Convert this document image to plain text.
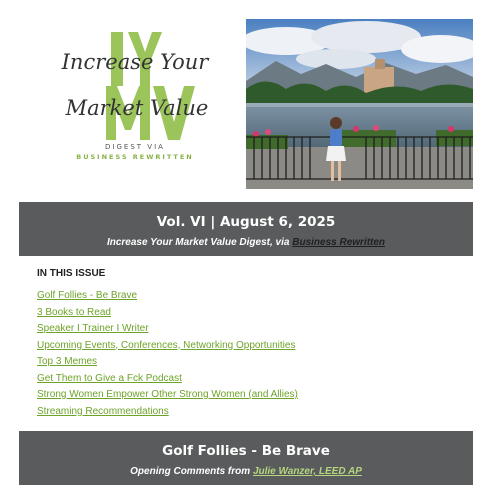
Increase Your
Market Value
DIGEST VIA
BUSINESS REWRITTEN
Vol. VI | August 6, 2025
Increase Your Market Value Digest, via Business Rewritten
IN THIS ISSUE
Golf Follies - Be Brave
3 Books to Read
Speaker I Trainer I Writer
Upcoming Events, Conferences, Networking Opportunities
Top 3 Memes
Get Them to Give a Fck Podcast
Strong Women Empower Other Strong Women (and Allies)
Streaming Recommendations
Golf Follies - Be Brave
Opening Comments from Julie Wanzer, LEED AP
